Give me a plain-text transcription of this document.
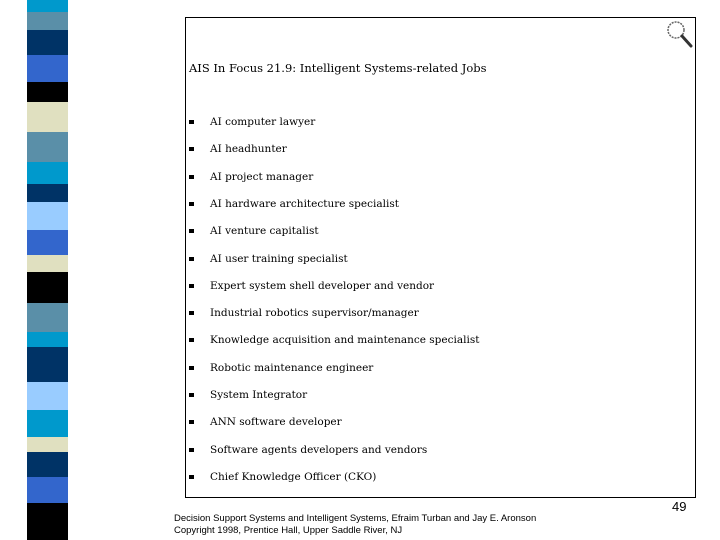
AIS In Focus 21.9: Intelligent Systems-related Jobs
AI computer lawyer
AI headhunter
AI project manager
AI hardware architecture specialist
AI venture capitalist
AI user training specialist
Expert system shell developer and vendor
Industrial robotics supervisor/manager
Knowledge acquisition and maintenance specialist
Robotic maintenance engineer
System Integrator
ANN software developer
Software agents developers and vendors
Chief Knowledge Officer (CKO)
49
Decision Support Systems and Intelligent Systems, Efraim Turban and Jay E. Aronson
Copyright 1998, Prentice Hall, Upper Saddle River, NJ
